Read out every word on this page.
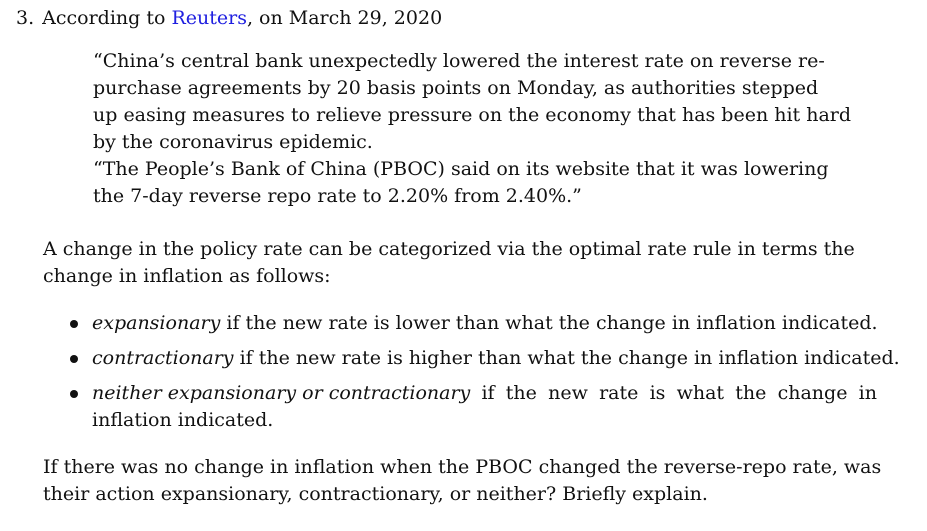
3. According to Reuters, on March 29, 2020
“China’s central bank unexpectedly lowered the interest rate on reverse re-
purchase agreements by 20 basis points on Monday, as authorities stepped
up easing measures to relieve pressure on the economy that has been hit hard
by the coronavirus epidemic.
“The People’s Bank of China (PBOC) said on its website that it was lowering
the 7-day reverse repo rate to 2.20% from 2.40%.”
A change in the policy rate can be categorized via the optimal rate rule in terms the
change in inflation as follows:
expansionary if the new rate is lower than what the change in inflation indicated.
contractionary if the new rate is higher than what the change in inflation indicated.
neither expansionary or contractionary if the new rate is what the change in
inflation indicated.
If there was no change in inflation when the PBOC changed the reverse-repo rate, was
their action expansionary, contractionary, or neither? Briefly explain.
